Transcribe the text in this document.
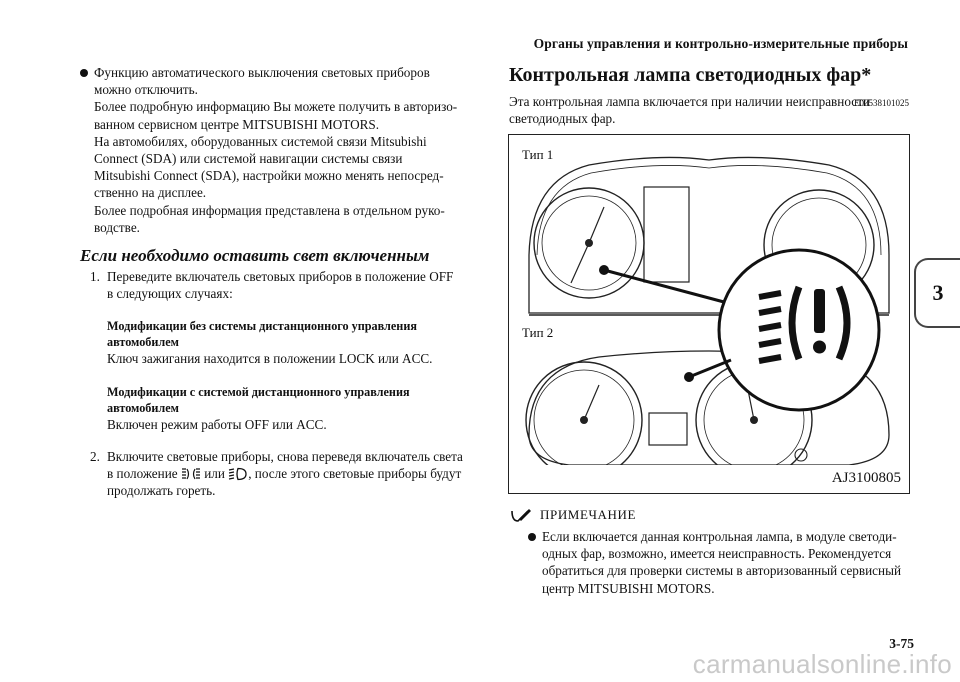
Органы управления и контрольно-измерительные приборы
Функцию автоматического выключения световых приборов
можно отключить.
Более подробную информацию Вы можете получить в авторизо-
ванном сервисном центре MITSUBISHI MOTORS.
На автомобилях, оборудованных системой связи Mitsubishi
Connect (SDA) или системой навигации системы связи
Mitsubishi Connect (SDA), настройки можно менять непосред-
ственно на дисплее.
Более подробная информация представлена в отдельном руко-
водстве.
Если необходимо оставить свет включенным
1. Переведите включатель световых приборов в положение OFF
в следующих случаях:
Модификации без системы дистанционного управления
автомобилем
Ключ зажигания находится в положении LOCK или ACC.
Модификации с системой дистанционного управления
автомобилем
Включен режим работы OFF или ACC.
2. Включите световые приборы, снова переведя включатель света
в положение  или , после этого световые приборы будут
продолжать гореть.
Контрольная лампа светодиодных фар*
E00538101025
Эта контрольная лампа включается при наличии неисправности
светодиодных фар.
Тип 1
Тип 2
AJ3100805
ПРИМЕЧАНИЕ
Если включается данная контрольная лампа, в модуле светоди-
одных фар, возможно, имеется неисправность. Рекомендуется
обратиться для проверки системы в авторизованный сервисный
центр MITSUBISHI MOTORS.
3
3-75
carmanualsonline.info
